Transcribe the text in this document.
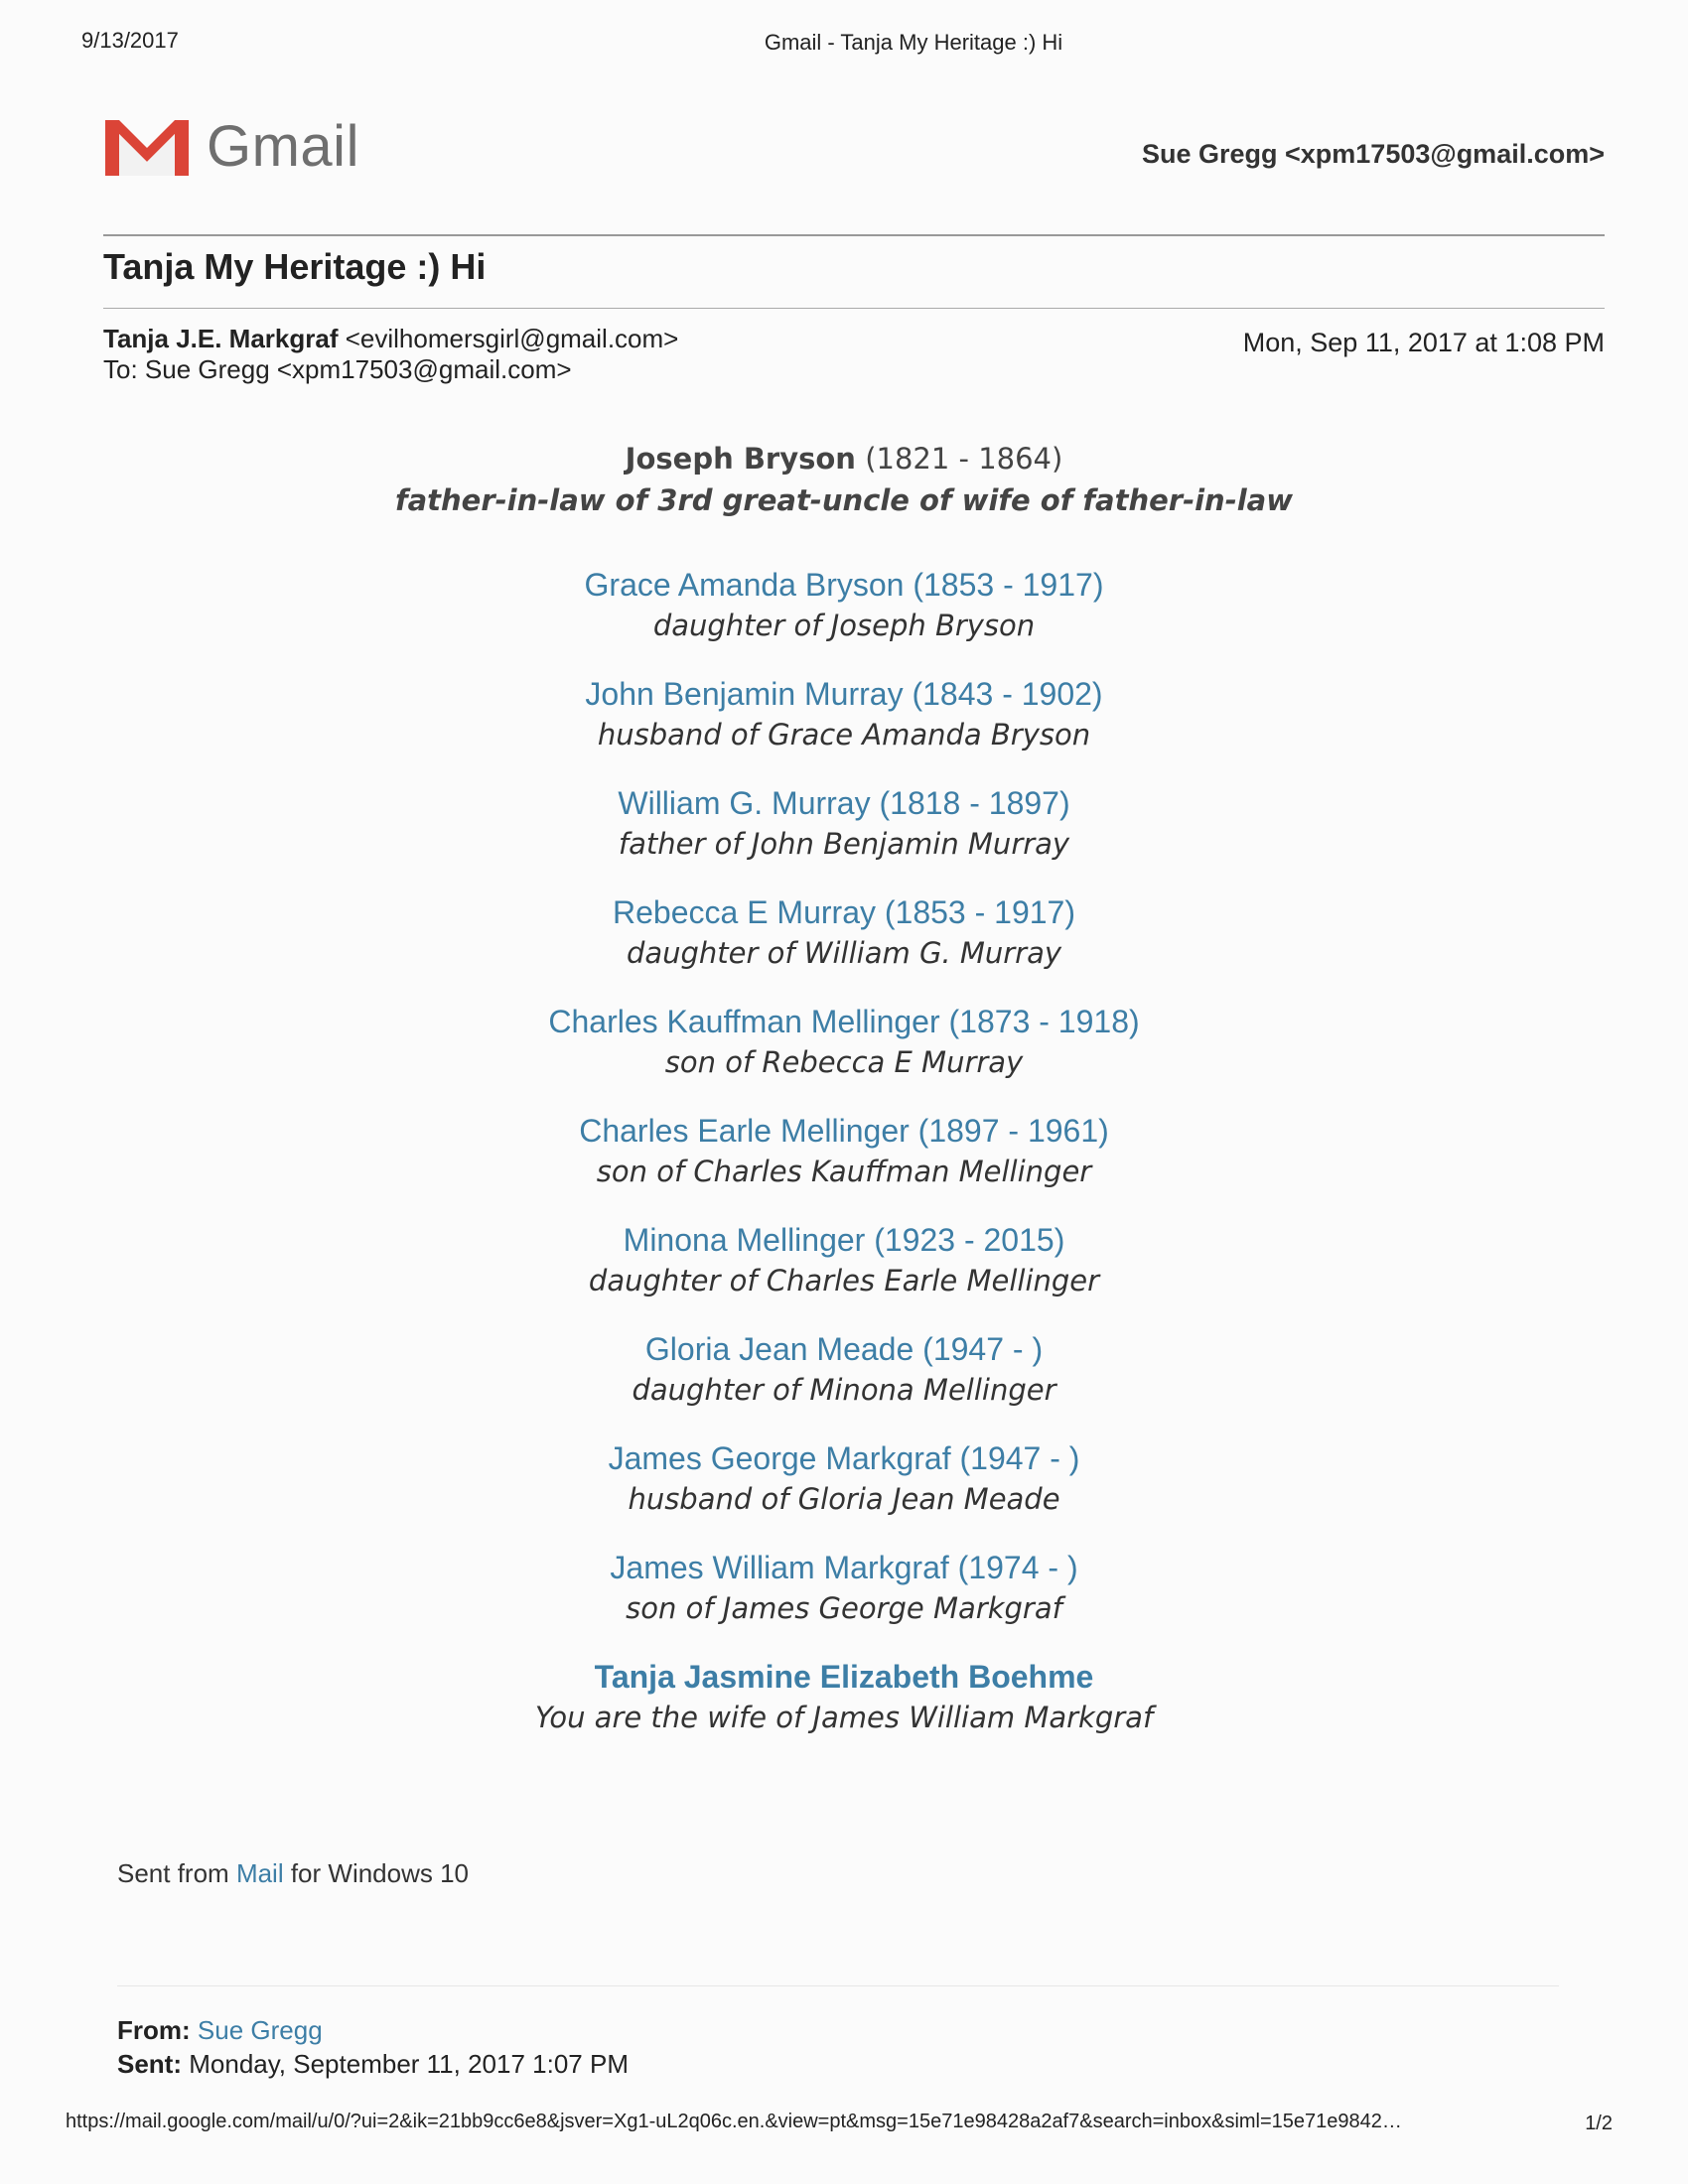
9/13/2017	Gmail - Tanja My Heritage :) Hi
Gmail	Sue Gregg <xpm17503@gmail.com>
Tanja My Heritage :) Hi
Tanja J.E. Markgraf <evilhomersgirl@gmail.com>
To: Sue Gregg <xpm17503@gmail.com>
Mon, Sep 11, 2017 at 1:08 PM
Joseph Bryson (1821 - 1864)
father-in-law of 3rd great-uncle of wife of father-in-law
Grace Amanda Bryson (1853 - 1917)
daughter of Joseph Bryson
John Benjamin Murray (1843 - 1902)
husband of Grace Amanda Bryson
William G. Murray (1818 - 1897)
father of John Benjamin Murray
Rebecca E Murray (1853 - 1917)
daughter of William G. Murray
Charles Kauffman Mellinger (1873 - 1918)
son of Rebecca E Murray
Charles Earle Mellinger (1897 - 1961)
son of Charles Kauffman Mellinger
Minona Mellinger (1923 - 2015)
daughter of Charles Earle Mellinger
Gloria Jean Meade (1947 - )
daughter of Minona Mellinger
James George Markgraf (1947 - )
husband of Gloria Jean Meade
James William Markgraf (1974 - )
son of James George Markgraf
Tanja Jasmine Elizabeth Boehme
You are the wife of James William Markgraf
Sent from Mail for Windows 10
From: Sue Gregg
Sent: Monday, September 11, 2017 1:07 PM
https://mail.google.com/mail/u/0/?ui=2&ik=21bb9cc6e8&jsver=Xg1-uL2q06c.en.&view=pt&msg=15e71e98428a2af7&search=inbox&siml=15e71e9842…	1/2
